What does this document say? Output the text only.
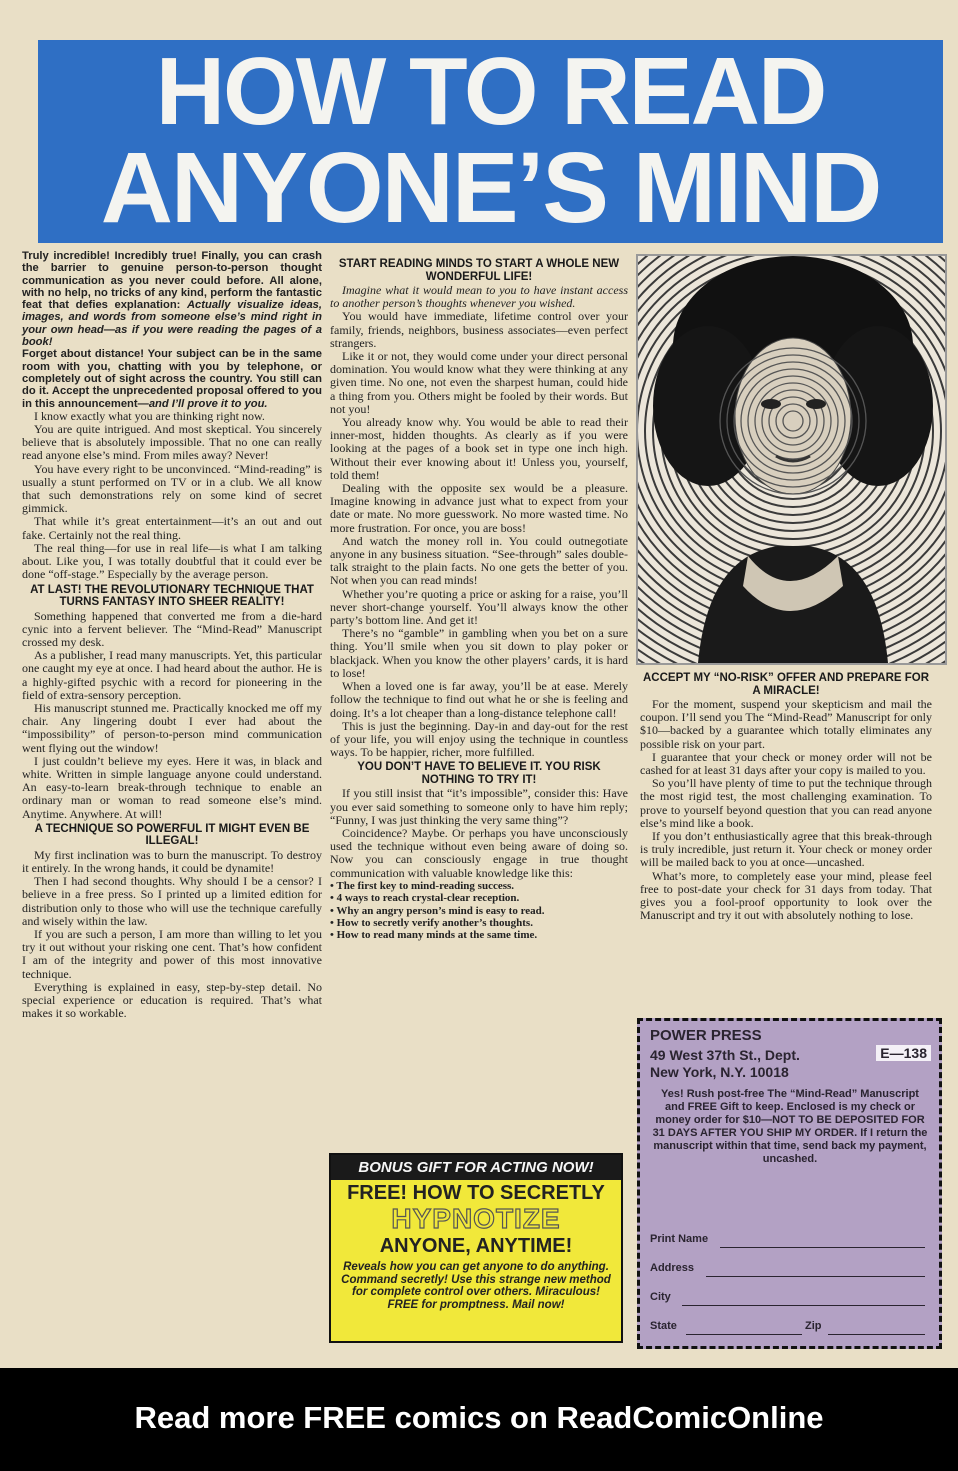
HOW TO READ
ANYONE’S MIND

Truly incredible! Incredibly true! Finally, you can crash the barrier to genuine person-to-person thought communication as you never could before. All alone, with no help, no tricks of any kind, perform the fantastic feat that defies explanation: Actually visualize ideas, images, and words from someone else’s mind right in your own head—as if you were reading the pages of a book!

Forget about distance! Your subject can be in the same room with you, chatting with you by telephone, or completely out of sight across the country. You still can do it. Accept the unprecedented proposal offered to you in this announcement—and I’ll prove it to you.

I know exactly what you are thinking right now.

You are quite intrigued. And most skeptical. You sincerely believe that is absolutely impossible. That no one can really read anyone else’s mind. From miles away? Never!

You have every right to be unconvinced. “Mind-reading” is usually a stunt performed on TV or in a club. We all know that such demonstrations rely on some kind of secret gimmick.

That while it’s great entertainment—it’s an out and out fake. Certainly not the real thing.

The real thing—for use in real life—is what I am talking about. Like you, I was totally doubtful that it could ever be done “off-stage.” Especially by the average person.

AT LAST! THE REVOLUTIONARY TECHNIQUE THAT TURNS FANTASY INTO SHEER REALITY!

Something happened that converted me from a die-hard cynic into a fervent believer. The “Mind-Read” Manuscript crossed my desk.

As a publisher, I read many manuscripts. Yet, this particular one caught my eye at once. I had heard about the author. He is a highly-gifted psychic with a record for pioneering in the field of extra-sensory perception.

His manuscript stunned me. Practically knocked me off my chair. Any lingering doubt I ever had about the “impossibility” of person-to-person mind communication went flying out the window!

I just couldn’t believe my eyes. Here it was, in black and white. Written in simple language anyone could understand. An easy-to-learn break-through technique to enable an ordinary man or woman to read someone else’s mind. Anytime. Anywhere. At will!

A TECHNIQUE SO POWERFUL IT MIGHT EVEN BE ILLEGAL!

My first inclination was to burn the manuscript. To destroy it entirely. In the wrong hands, it could be dynamite!

Then I had second thoughts. Why should I be a censor? I believe in a free press. So I printed up a limited edition for distribution only to those who will use the technique carefully and wisely within the law.

If you are such a person, I am more than willing to let you try it out without your risking one cent. That’s how confident I am of the integrity and power of this most innovative technique.

Everything is explained in easy, step-by-step detail. No special experience or education is required. That’s what makes it so workable.

START READING MINDS TO START A WHOLE NEW WONDERFUL LIFE!

Imagine what it would mean to you to have instant access to another person’s thoughts whenever you wished.

You would have immediate, lifetime control over your family, friends, neighbors, business associates—even perfect strangers.

Like it or not, they would come under your direct personal domination. You would know what they were thinking at any given time. No one, not even the sharpest human, could hide a thing from you. Others might be fooled by their words. But not you!

You already know why. You would be able to read their inner-most, hidden thoughts. As clearly as if you were looking at the pages of a book set in type one inch high. Without their ever knowing about it! Unless you, yourself, told them!

Dealing with the opposite sex would be a pleasure. Imagine knowing in advance just what to expect from your date or mate. No more guesswork. No more wasted time. No more frustration. For once, you are boss!

And watch the money roll in. You could outnegotiate anyone in any business situation. “See-through” sales double-talk straight to the plain facts. No one gets the better of you. Not when you can read minds!

Whether you’re quoting a price or asking for a raise, you’ll never short-change yourself. You’ll always know the other party’s bottom line. And get it!

There’s no “gamble” in gambling when you bet on a sure thing. You’ll smile when you sit down to play poker or blackjack. When you know the other players’ cards, it is hard to lose!

When a loved one is far away, you’ll be at ease. Merely follow the technique to find out what he or she is feeling and doing. It’s a lot cheaper than a long-distance telephone call!

This is just the beginning. Day-in and day-out for the rest of your life, you will enjoy using the technique in countless ways. To be happier, richer, more fulfilled.

YOU DON’T HAVE TO BELIEVE IT. YOU RISK NOTHING TO TRY IT!

If you still insist that “it’s impossible”, consider this: Have you ever said something to someone only to have him reply; “Funny, I was just thinking the very same thing”?

Coincidence? Maybe. Or perhaps you have unconsciously used the technique without even being aware of doing so. Now you can consciously engage in true thought communication with valuable knowledge like this:

• The first key to mind-reading success.
• 4 ways to reach crystal-clear reception.
• Why an angry person’s mind is easy to read.
• How to secretly verify another’s thoughts.
• How to read many minds at the same time.
ACCEPT MY “NO-RISK” OFFER AND PREPARE FOR A MIRACLE!

For the moment, suspend your skepticism and mail the coupon. I’ll send you The “Mind-Read” Manuscript for only $10—backed by a guarantee which totally eliminates any possible risk on your part.

I guarantee that your check or money order will not be cashed for at least 31 days after your copy is mailed to you.

So you’ll have plenty of time to put the technique through the most rigid test, the most challenging examination. To prove to yourself beyond question that you can read anyone else’s mind like a book.

If you don’t enthusiastically agree that this break-through is truly incredible, just return it. Your check or money order will be mailed back to you at once—uncashed.

What’s more, to completely ease your mind, please feel free to post-date your check for 31 days from today. That gives you a fool-proof opportunity to look over the Manuscript and try it out with absolutely nothing to lose.

BONUS GIFT FOR ACTING NOW!
FREE! HOW TO SECRETLY
HYPNOTIZE
ANYONE, ANYTIME!
Reveals how you can get anyone to do anything. Command secretly! Use this strange new method for complete control over others. Miraculous! FREE for promptness. Mail now!
POWER PRESS
49 West 37th St., Dept.	E—138
New York, N.Y. 10018
Yes! Rush post-free The “Mind-Read” Manuscript and FREE Gift to keep. Enclosed is my check or money order for $10—NOT TO BE DEPOSITED FOR 31 DAYS AFTER YOU SHIP MY ORDER. If I return the manuscript within that time, send back my payment, uncashed.
Print Name
Address
City
State	Zip
Read more FREE comics on ReadComicOnline
